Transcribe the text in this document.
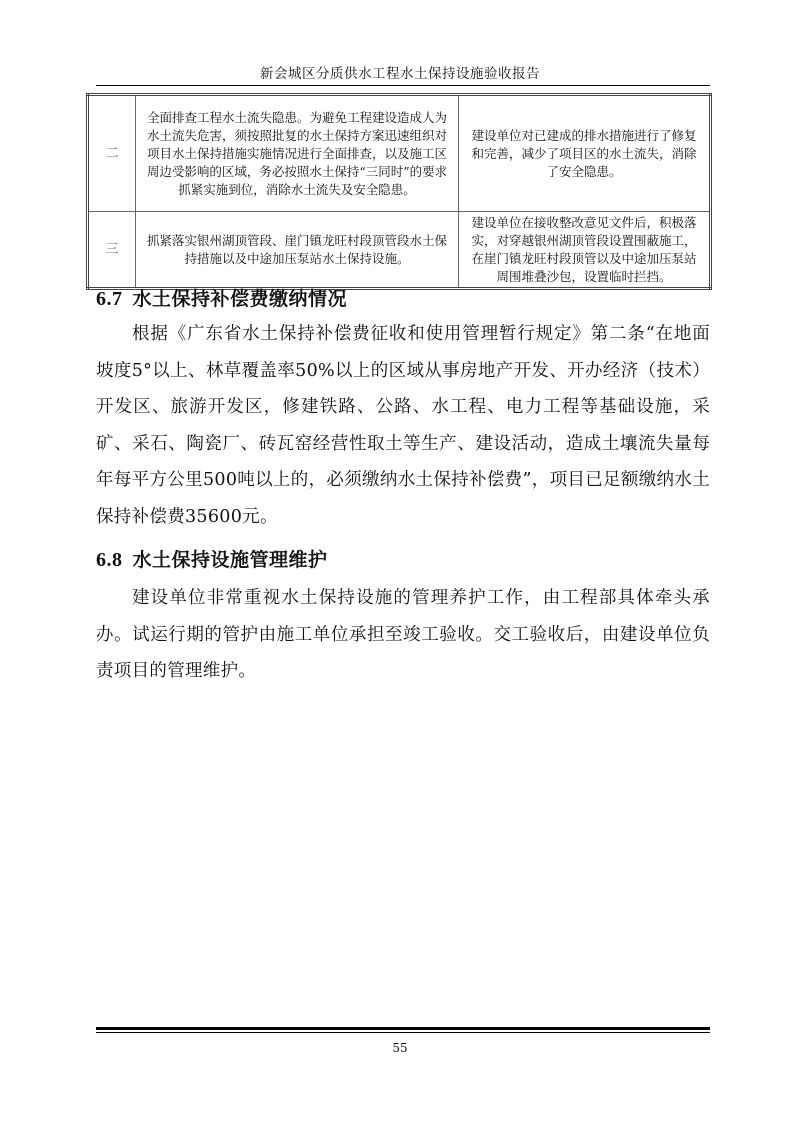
新会城区分质供水工程水土保持设施验收报告
二	全面排查工程水土流失隐患。为避免工程建设造成人为水土流失危害，须按照批复的水土保持方案迅速组织对项目水土保持措施实施情况进行全面排查，以及施工区周边受影响的区域，务必按照水土保持“三同时”的要求抓紧实施到位，消除水土流失及安全隐患。	建设单位对已建成的排水措施进行了修复和完善，减少了项目区的水土流失，消除了安全隐患。
三	抓紧落实银州湖顶管段、崖门镇龙旺村段顶管段水土保持措施以及中途加压泵站水土保持设施。	建设单位在接收整改意见文件后，积极落实，对穿越银州湖顶管段设置围蔽施工，在崖门镇龙旺村段顶管以及中途加压泵站周围堆叠沙包，设置临时拦挡。
6.7 水土保持补偿费缴纳情况

根据《广东省水土保持补偿费征收和使用管理暂行规定》第二条“在地面坡度5°以上、林草覆盖率50%以上的区域从事房地产开发、开办经济（技术）开发区、旅游开发区，修建铁路、公路、水工程、电力工程等基础设施，采矿、采石、陶瓷厂、砖瓦窑经营性取土等生产、建设活动，造成土壤流失量每年每平方公里500吨以上的，必须缴纳水土保持补偿费”，项目已足额缴纳水土保持补偿费35600元。

6.8 水土保持设施管理维护

建设单位非常重视水土保持设施的管理养护工作，由工程部具体牵头承办。试运行期的管护由施工单位承担至竣工验收。交工验收后，由建设单位负责项目的管理维护。

55
